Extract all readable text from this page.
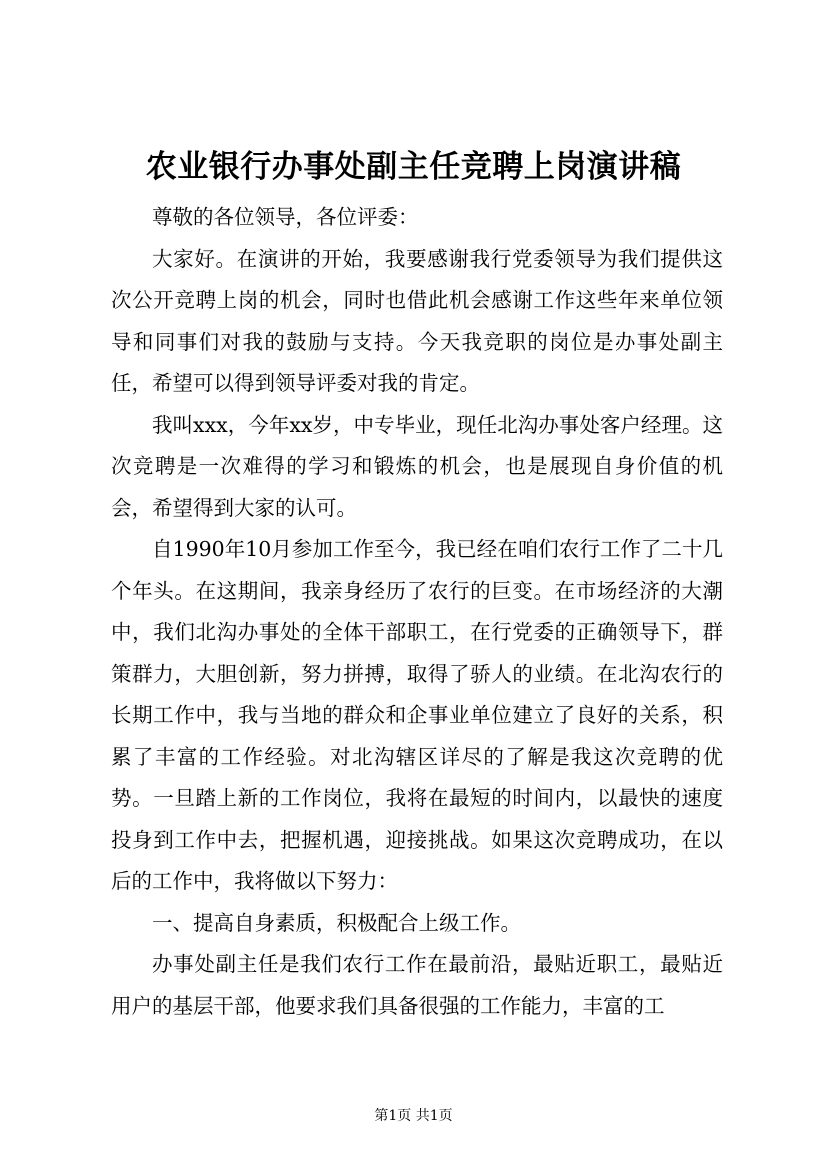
农业银行办事处副主任竞聘上岗演讲稿

尊敬的各位领导，各位评委：

大家好。在演讲的开始，我要感谢我行党委领导为我们提供这次公开竞聘上岗的机会，同时也借此机会感谢工作这些年来单位领导和同事们对我的鼓励与支持。今天我竞职的岗位是办事处副主任，希望可以得到领导评委对我的肯定。

我叫xxx，今年xx岁，中专毕业，现任北沟办事处客户经理。这次竞聘是一次难得的学习和锻炼的机会，也是展现自身价值的机会，希望得到大家的认可。

自1990年10月参加工作至今，我已经在咱们农行工作了二十几个年头。在这期间，我亲身经历了农行的巨变。在市场经济的大潮中，我们北沟办事处的全体干部职工，在行党委的正确领导下，群策群力，大胆创新，努力拼搏，取得了骄人的业绩。在北沟农行的长期工作中，我与当地的群众和企事业单位建立了良好的关系，积累了丰富的工作经验。对北沟辖区详尽的了解是我这次竞聘的优势。一旦踏上新的工作岗位，我将在最短的时间内，以最快的速度投身到工作中去，把握机遇，迎接挑战。如果这次竞聘成功，在以后的工作中，我将做以下努力：

一、提高自身素质，积极配合上级工作。

办事处副主任是我们农行工作在最前沿，最贴近职工，最贴近用户的基层干部，他要求我们具备很强的工作能力，丰富的工

第1页 共1页
